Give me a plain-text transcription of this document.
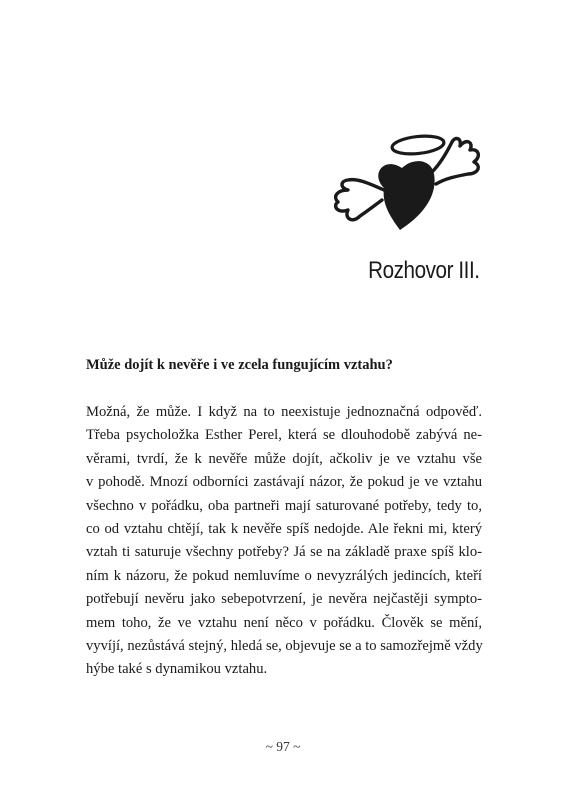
Rozhovor III.

Může dojít k nevěře i ve zcela fungujícím vztahu?

Možná, že může. I když na to neexistuje jednoznačná odpověď.
Třeba psycholožka Esther Perel, která se dlouhodobě zabývá ne-
věrami, tvrdí, že k nevěře může dojít, ačkoliv je ve vztahu vše
v pohodě. Mnozí odborníci zastávají názor, že pokud je ve vztahu
všechno v pořádku, oba partneři mají saturované potřeby, tedy to,
co od vztahu chtějí, tak k nevěře spíš nedojde. Ale řekni mi, který
vztah ti saturuje všechny potřeby? Já se na základě praxe spíš klo-
ním k názoru, že pokud nemluvíme o nevyzrálých jedincích, kteří
potřebují nevěru jako sebepotvrzení, je nevěra nejčastěji sympto-
mem toho, že ve vztahu není něco v pořádku. Člověk se mění,
vyvíjí, nezůstává stejný, hledá se, objevuje se a to samozřejmě vždy
hýbe také s dynamikou vztahu.

~ 97 ~
